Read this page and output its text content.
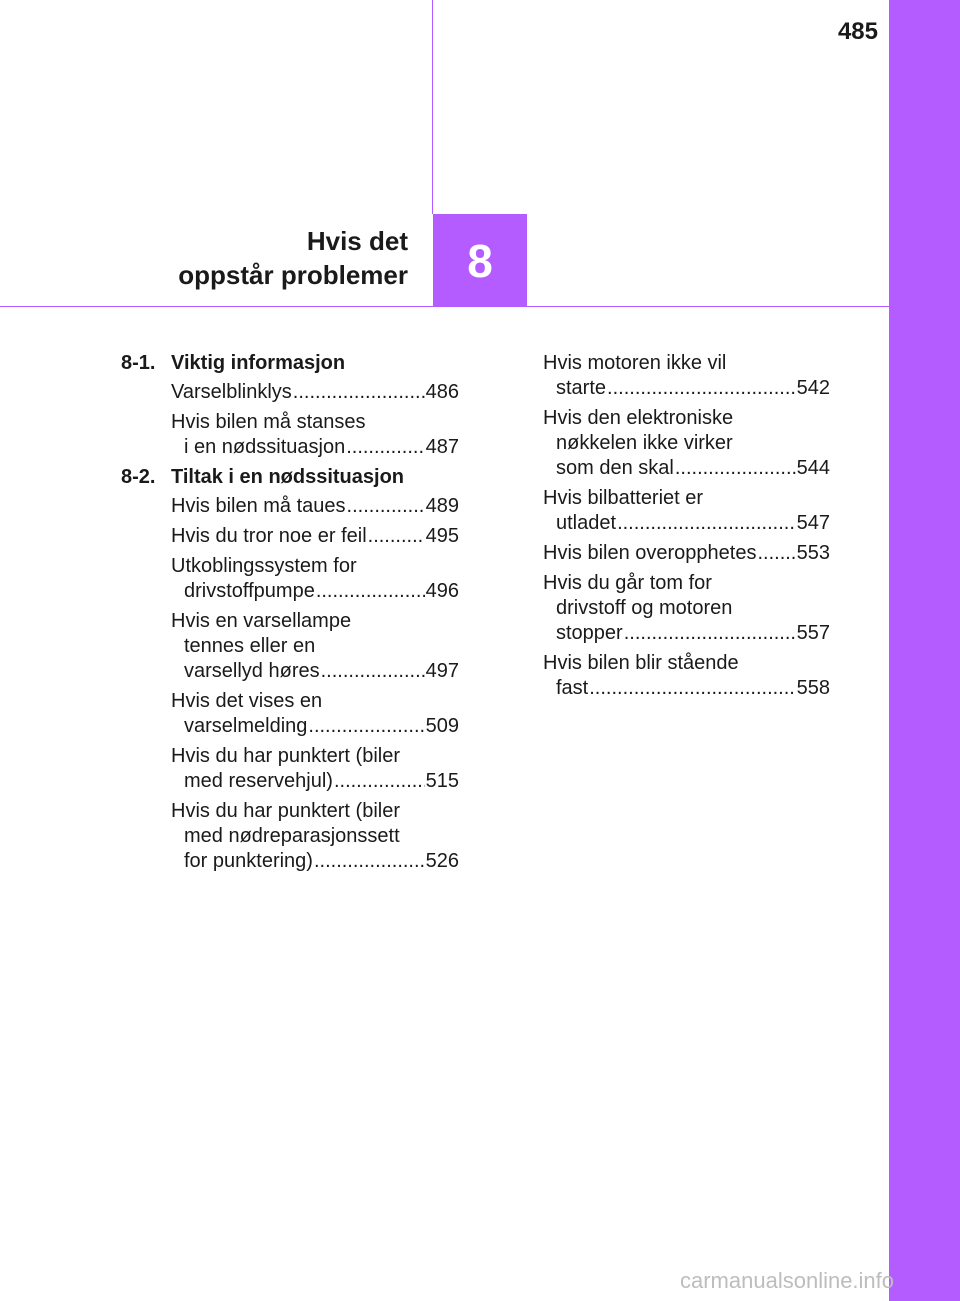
485
8
Hvis det
oppstår problemer
8-1. Viktig informasjon
Varselblinklys .....	486
Hvis bilen må stanses
i en nødssituasjon .....	487
8-2. Tiltak i en nødssituasjon
Hvis bilen må taues .....	489
Hvis du tror noe er feil .....	495
Utkoblingssystem for
drivstoffpumpe .....	496
Hvis en varsellampe
tennes eller en
varsellyd høres .....	497
Hvis det vises en
varselmelding .....	509
Hvis du har punktert (biler
med reservehjul) .....	515
Hvis du har punktert (biler
med nødreparasjonssett
for punktering) .....	526
Hvis motoren ikke vil
starte .....	542
Hvis den elektroniske
nøkkelen ikke virker
som den skal .....	544
Hvis bilbatteriet er
utladet .....	547
Hvis bilen overopphetes ..... 553
Hvis du går tom for
drivstoff og motoren
stopper .....	557
Hvis bilen blir stående
fast .....	558
carmanualsonline.info
